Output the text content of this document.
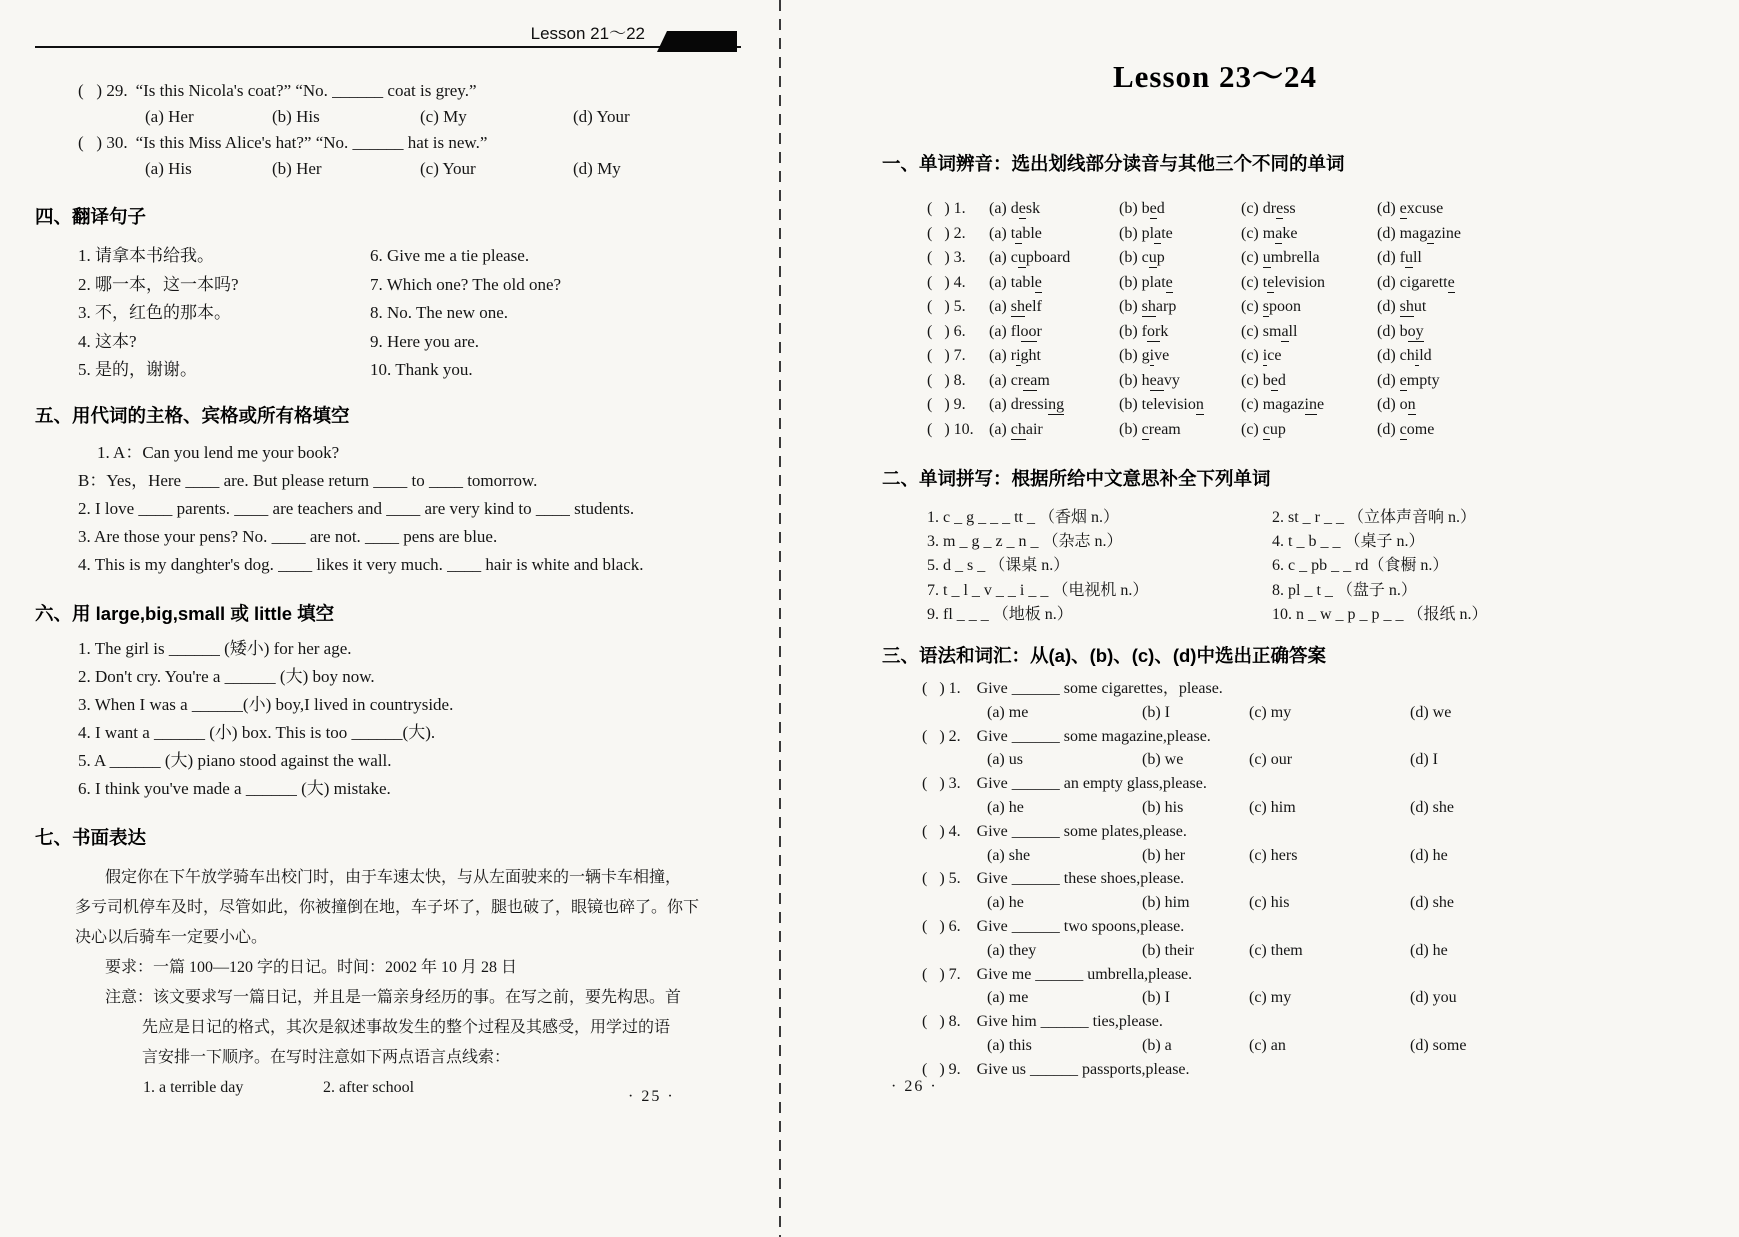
Lesson 21～22
(   ) 29. “Is this Nicola's coat?” “No. ______ coat is grey.”
(a) Her	(b) His	(c) My	(d) Your
(   ) 30. “Is this Miss Alice's hat?” “No. ______ hat is new.”
(a) His	(b) Her	(c) Your	(d) My
四、翻译句子
1. 请拿本书给我。	6. Give me a tie please.
2. 哪一本，这一本吗?	7. Which one? The old one?
3. 不，红色的那本。	8. No. The new one.
4. 这本?	9. Here you are.
5. 是的，谢谢。	10. Thank you.
五、用代词的主格、宾格或所有格填空
1. A：Can you lend me your book?
B：Yes，Here ____ are. But please return ____ to ____ tomorrow.
2. I love ____ parents. ____ are teachers and ____ are very kind to ____ students.
3. Are those your pens? No. ____ are not. ____ pens are blue.
4. This is my danghter's dog. ____ likes it very much. ____ hair is white and black.
六、用 large,big,small 或 little 填空
1. The girl is ______ (矮小) for her age.
2. Don't cry. You're a ______ (大) boy now.
3. When I was a ______(小) boy,I lived in countryside.
4. I want a ______ (小) box. This is too ______(大).
5. A ______ (大) piano stood against the wall.
6. I think you've made a ______ (大) mistake.
七、书面表达
假定你在下午放学骑车出校门时，由于车速太快，与从左面驶来的一辆卡车相撞，
多亏司机停车及时，尽管如此，你被撞倒在地，车子坏了，腿也破了，眼镜也碎了。你下
决心以后骑车一定要小心。
要求：一篇 100—120 字的日记。时间：2002 年 10 月 28 日
注意：该文要求写一篇日记，并且是一篇亲身经历的事。在写之前，要先构思。首
先应是日记的格式，其次是叙述事故发生的整个过程及其感受，用学过的语
言安排一下顺序。在写时注意如下两点语言点线索：
1. a terrible day	2. after school
Lesson 23～24
一、单词辨音：选出划线部分读音与其他三个不同的单词
(   ) 1.	(a) desk	(b) bed	(c) dress	(d) excuse
(   ) 2.	(a) table	(b) plate	(c) make	(d) magazine
(   ) 3.	(a) cupboard	(b) cup	(c) umbrella	(d) full
(   ) 4.	(a) table	(b) plate	(c) television	(d) cigarette
(   ) 5.	(a) shelf	(b) sharp	(c) spoon	(d) shut
(   ) 6.	(a) floor	(b) fork	(c) small	(d) boy
(   ) 7.	(a) right	(b) give	(c) ice	(d) child
(   ) 8.	(a) cream	(b) heavy	(c) bed	(d) empty
(   ) 9.	(a) dressing	(b) television	(c) magazine	(d) on
(   ) 10. (a) chair	(b) cream	(c) cup	(d) come
二、单词拼写：根据所给中文意思补全下列单词
1. c _ g _ _ _ tt _ （香烟 n.）	2. st _ r _ _ （立体声音响 n.）
3. m _ g _ z _ n _ （杂志 n.）	4. t _ b _ _ （桌子 n.）
5. d _ s _ （课桌 n.）	6. c _ pb _ _ rd（食橱 n.）
7. t _ l _ v _ _ i _ _ （电视机 n.）	8. pl _ t _ （盘子 n.）
9. fl _ _ _ （地板 n.）	10. n _ w _ p _ p _ _ （报纸 n.）
三、语法和词汇：从(a)、(b)、(c)、(d)中选出正确答案
(   ) 1. Give ______ some cigarettes，please.
(a) me	(b) I	(c) my	(d) we
(   ) 2. Give ______ some magazine,please.
(a) us	(b) we	(c) our	(d) I
(   ) 3. Give ______ an empty glass,please.
(a) he	(b) his	(c) him	(d) she
(   ) 4. Give ______ some plates,please.
(a) she	(b) her	(c) hers	(d) he
(   ) 5. Give ______ these shoes,please.
(a) he	(b) him	(c) his	(d) she
(   ) 6. Give ______ two spoons,please.
(a) they	(b) their	(c) them	(d) he
(   ) 7. Give me ______ umbrella,please.
(a) me	(b) I	(c) my	(d) you
(   ) 8. Give him ______ ties,please.
(a) this	(b) a	(c) an	(d) some
(   ) 9. Give us ______ passports,please.
· 25 ·
· 26 ·
